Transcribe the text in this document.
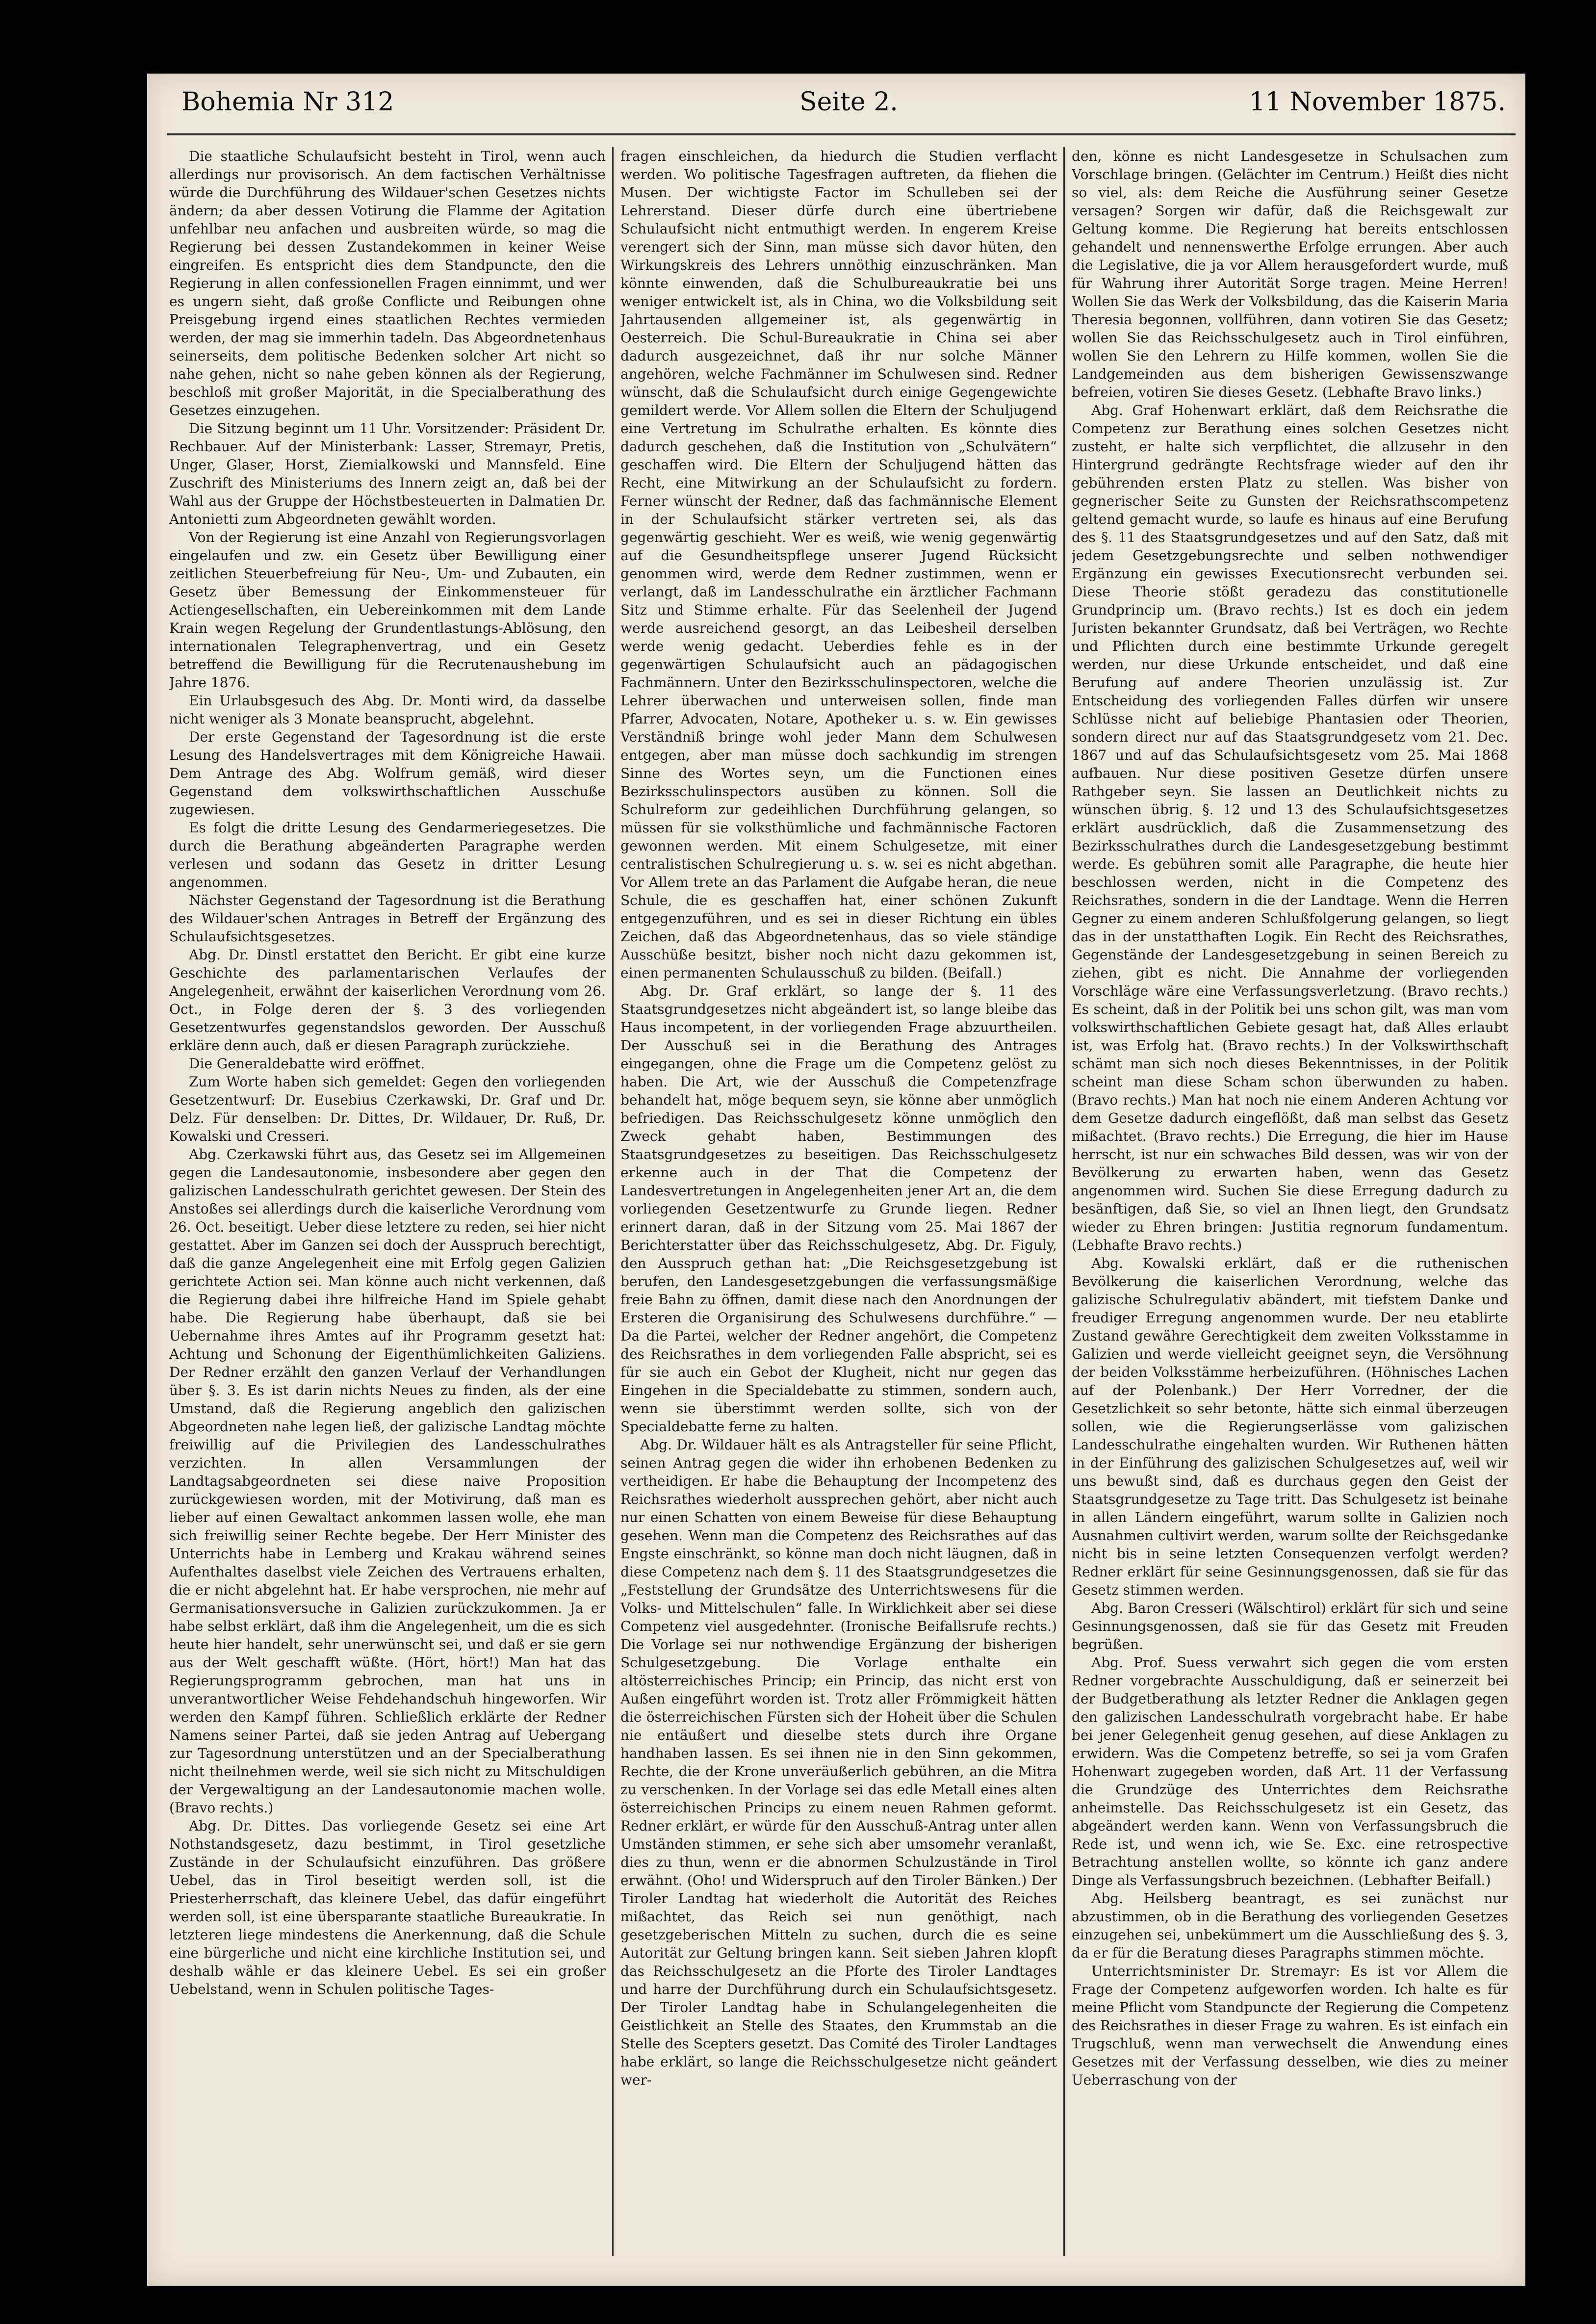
Bohemia Nr 312	Seite 2.	11 November 1875.

Die staatliche Schulaufsicht besteht in Tirol, wenn auch allerdings nur provisorisch. An dem factischen Verhältnisse würde die Durchführung des Wildauer'schen Gesetzes nichts ändern; da aber dessen Votirung die Flamme der Agitation unfehlbar neu anfachen und ausbreiten würde, so mag die Regierung bei dessen Zustandekommen in keiner Weise eingreifen. Es entspricht dies dem Standpuncte, den die Regierung in allen confessionellen Fragen einnimmt, und wer es ungern sieht, daß große Conflicte und Reibungen ohne Preisgebung irgend eines staatlichen Rechtes vermieden werden, der mag sie immerhin tadeln. Das Abgeordnetenhaus seinerseits, dem politische Bedenken solcher Art nicht so nahe gehen, nicht so nahe geben können als der Regierung, beschloß mit großer Majorität, in die Specialberathung des Gesetzes einzugehen.

Die Sitzung beginnt um 11 Uhr. Vorsitzender: Präsident Dr. Rechbauer. Auf der Ministerbank: Lasser, Stremayr, Pretis, Unger, Glaser, Horst, Ziemialkowski und Mannsfeld. Eine Zuschrift des Ministeriums des Innern zeigt an, daß bei der Wahl aus der Gruppe der Höchstbesteuerten in Dalmatien Dr. Antonietti zum Abgeordneten gewählt worden.

Von der Regierung ist eine Anzahl von Regierungsvorlagen eingelaufen und zw. ein Gesetz über Bewilligung einer zeitlichen Steuerbefreiung für Neu-, Um- und Zubauten, ein Gesetz über Bemessung der Einkommensteuer für Actiengesellschaften, ein Uebereinkommen mit dem Lande Krain wegen Regelung der Grundentlastungs-Ablösung, den internationalen Telegraphenvertrag, und ein Gesetz betreffend die Bewilligung für die Recrutenaushebung im Jahre 1876.

Ein Urlaubsgesuch des Abg. Dr. Monti wird, da dasselbe nicht weniger als 3 Monate beansprucht, abgelehnt.

Der erste Gegenstand der Tagesordnung ist die erste Lesung des Handelsvertrages mit dem Königreiche Hawaii. Dem Antrage des Abg. Wolfrum gemäß, wird dieser Gegenstand dem volkswirthschaftlichen Ausschuße zugewiesen.

Es folgt die dritte Lesung des Gendarmeriegesetzes. Die durch die Berathung abgeänderten Paragraphe werden verlesen und sodann das Gesetz in dritter Lesung angenommen.

Nächster Gegenstand der Tagesordnung ist die Berathung des Wildauer'schen Antrages in Betreff der Ergänzung des Schulaufsichtsgesetzes.

Abg. Dr. Dinstl erstattet den Bericht. Er gibt eine kurze Geschichte des parlamentarischen Verlaufes der Angelegenheit, erwähnt der kaiserlichen Verordnung vom 26. Oct., in Folge deren der §. 3 des vorliegenden Gesetzentwurfes gegenstandslos geworden. Der Ausschuß erkläre denn auch, daß er diesen Paragraph zurückziehe.

Die Generaldebatte wird eröffnet.

Zum Worte haben sich gemeldet: Gegen den vorliegenden Gesetzentwurf: Dr. Eusebius Czerkawski, Dr. Graf und Dr. Delz. Für denselben: Dr. Dittes, Dr. Wildauer, Dr. Ruß, Dr. Kowalski und Cresseri.

Abg. Czerkawski führt aus, das Gesetz sei im Allgemeinen gegen die Landesautonomie, insbesondere aber gegen den galizischen Landesschulrath gerichtet gewesen. Der Stein des Anstoßes sei allerdings durch die kaiserliche Verordnung vom 26. Oct. beseitigt. Ueber diese letztere zu reden, sei hier nicht gestattet. Aber im Ganzen sei doch der Ausspruch berechtigt, daß die ganze Angelegenheit eine mit Erfolg gegen Galizien gerichtete Action sei. Man könne auch nicht verkennen, daß die Regierung dabei ihre hilfreiche Hand im Spiele gehabt habe. Die Regierung habe überhaupt, daß sie bei Uebernahme ihres Amtes auf ihr Programm gesetzt hat: Achtung und Schonung der Eigenthümlichkeiten Galiziens. Der Redner erzählt den ganzen Verlauf der Verhandlungen über §. 3. Es ist darin nichts Neues zu finden, als der eine Umstand, daß die Regierung angeblich den galizischen Abgeordneten nahe legen ließ, der galizische Landtag möchte freiwillig auf die Privilegien des Landesschulrathes verzichten. In allen Versammlungen der Landtagsabgeordneten sei diese naive Proposition zurückgewiesen worden, mit der Motivirung, daß man es lieber auf einen Gewaltact ankommen lassen wolle, ehe man sich freiwillig seiner Rechte begebe. Der Herr Minister des Unterrichts habe in Lemberg und Krakau während seines Aufenthaltes daselbst viele Zeichen des Vertrauens erhalten, die er nicht abgelehnt hat. Er habe versprochen, nie mehr auf Germanisationsversuche in Galizien zurückzukommen. Ja er habe selbst erklärt, daß ihm die Angelegenheit, um die es sich heute hier handelt, sehr unerwünscht sei, und daß er sie gern aus der Welt geschafft wüßte. (Hört, hört!) Man hat das Regierungsprogramm gebrochen, man hat uns in unverantwortlicher Weise Fehdehandschuh hingeworfen. Wir werden den Kampf führen. Schließlich erklärte der Redner Namens seiner Partei, daß sie jeden Antrag auf Uebergang zur Tagesordnung unterstützen und an der Specialberathung nicht theilnehmen werde, weil sie sich nicht zu Mitschuldigen der Vergewaltigung an der Landesautonomie machen wolle. (Bravo rechts.)

Abg. Dr. Dittes. Das vorliegende Gesetz sei eine Art Nothstandsgesetz, dazu bestimmt, in Tirol gesetzliche Zustände in der Schulaufsicht einzuführen. Das größere Uebel, das in Tirol beseitigt werden soll, ist die Priesterherrschaft, das kleinere Uebel, das dafür eingeführt werden soll, ist eine übersparante staatliche Bureaukratie. In letzteren liege mindestens die Anerkennung, daß die Schule eine bürgerliche und nicht eine kirchliche Institution sei, und deshalb wähle er das kleinere Uebel. Es sei ein großer Uebelstand, wenn in Schulen politische Tages-

fragen einschleichen, da hiedurch die Studien verflacht werden. Wo politische Tagesfragen auftreten, da fliehen die Musen. Der wichtigste Factor im Schulleben sei der Lehrerstand. Dieser dürfe durch eine übertriebene Schulaufsicht nicht entmuthigt werden. In engerem Kreise verengert sich der Sinn, man müsse sich davor hüten, den Wirkungskreis des Lehrers unnöthig einzuschränken. Man könnte einwenden, daß die Schulbureaukratie bei uns weniger entwickelt ist, als in China, wo die Volksbildung seit Jahrtausenden allgemeiner ist, als gegenwärtig in Oesterreich. Die Schul-Bureaukratie in China sei aber dadurch ausgezeichnet, daß ihr nur solche Männer angehören, welche Fachmänner im Schulwesen sind. Redner wünscht, daß die Schulaufsicht durch einige Gegengewichte gemildert werde. Vor Allem sollen die Eltern der Schuljugend eine Vertretung im Schulrathe erhalten. Es könnte dies dadurch geschehen, daß die Institution von „Schulvätern“ geschaffen wird. Die Eltern der Schuljugend hätten das Recht, eine Mitwirkung an der Schulaufsicht zu fordern. Ferner wünscht der Redner, daß das fachmännische Element in der Schulaufsicht stärker vertreten sei, als das gegenwärtig geschieht. Wer es weiß, wie wenig gegenwärtig auf die Gesundheitspflege unserer Jugend Rücksicht genommen wird, werde dem Redner zustimmen, wenn er verlangt, daß im Landesschulrathe ein ärztlicher Fachmann Sitz und Stimme erhalte. Für das Seelenheil der Jugend werde ausreichend gesorgt, an das Leibesheil derselben werde wenig gedacht. Ueberdies fehle es in der gegenwärtigen Schulaufsicht auch an pädagogischen Fachmännern. Unter den Bezirksschulinspectoren, welche die Lehrer überwachen und unterweisen sollen, finde man Pfarrer, Advocaten, Notare, Apotheker u. s. w. Ein gewisses Verständniß bringe wohl jeder Mann dem Schulwesen entgegen, aber man müsse doch sachkundig im strengen Sinne des Wortes seyn, um die Functionen eines Bezirksschulinspectors ausüben zu können. Soll die Schulreform zur gedeihlichen Durchführung gelangen, so müssen für sie volksthümliche und fachmännische Factoren gewonnen werden. Mit einem Schulgesetze, mit einer centralistischen Schulregierung u. s. w. sei es nicht abgethan. Vor Allem trete an das Parlament die Aufgabe heran, die neue Schule, die es geschaffen hat, einer schönen Zukunft entgegenzuführen, und es sei in dieser Richtung ein übles Zeichen, daß das Abgeordnetenhaus, das so viele ständige Ausschüße besitzt, bisher noch nicht dazu gekommen ist, einen permanenten Schulausschuß zu bilden. (Beifall.)

Abg. Dr. Graf erklärt, so lange der §. 11 des Staatsgrundgesetzes nicht abgeändert ist, so lange bleibe das Haus incompetent, in der vorliegenden Frage abzuurtheilen. Der Ausschuß sei in die Berathung des Antrages eingegangen, ohne die Frage um die Competenz gelöst zu haben. Die Art, wie der Ausschuß die Competenzfrage behandelt hat, möge bequem seyn, sie könne aber unmöglich befriedigen. Das Reichsschulgesetz könne unmöglich den Zweck gehabt haben, Bestimmungen des Staatsgrundgesetzes zu beseitigen. Das Reichsschulgesetz erkenne auch in der That die Competenz der Landesvertretungen in Angelegenheiten jener Art an, die dem vorliegenden Gesetzentwurfe zu Grunde liegen. Redner erinnert daran, daß in der Sitzung vom 25. Mai 1867 der Berichterstatter über das Reichsschulgesetz, Abg. Dr. Figuly, den Ausspruch gethan hat: „Die Reichsgesetzgebung ist berufen, den Landesgesetzgebungen die verfassungsmäßige freie Bahn zu öffnen, damit diese nach den Anordnungen der Ersteren die Organisirung des Schulwesens durchführe.“ — Da die Partei, welcher der Redner angehört, die Competenz des Reichsrathes in dem vorliegenden Falle abspricht, sei es für sie auch ein Gebot der Klugheit, nicht nur gegen das Eingehen in die Specialdebatte zu stimmen, sondern auch, wenn sie überstimmt werden sollte, sich von der Specialdebatte ferne zu halten.

Abg. Dr. Wildauer hält es als Antragsteller für seine Pflicht, seinen Antrag gegen die wider ihn erhobenen Bedenken zu vertheidigen. Er habe die Behauptung der Incompetenz des Reichsrathes wiederholt aussprechen gehört, aber nicht auch nur einen Schatten von einem Beweise für diese Behauptung gesehen. Wenn man die Competenz des Reichsrathes auf das Engste einschränkt, so könne man doch nicht läugnen, daß in diese Competenz nach dem §. 11 des Staatsgrundgesetzes die „Feststellung der Grundsätze des Unterrichtswesens für die Volks- und Mittelschulen“ falle. In Wirklichkeit aber sei diese Competenz viel ausgedehnter. (Ironische Beifallsrufe rechts.) Die Vorlage sei nur nothwendige Ergänzung der bisherigen Schulgesetzgebung. Die Vorlage enthalte ein altösterreichisches Princip; ein Princip, das nicht erst von Außen eingeführt worden ist. Trotz aller Frömmigkeit hätten die österreichischen Fürsten sich der Hoheit über die Schulen nie entäußert und dieselbe stets durch ihre Organe handhaben lassen. Es sei ihnen nie in den Sinn gekommen, Rechte, die der Krone unveräußerlich gebühren, an die Mitra zu verschenken. In der Vorlage sei das edle Metall eines alten österreichischen Princips zu einem neuen Rahmen geformt. Redner erklärt, er würde für den Ausschuß-Antrag unter allen Umständen stimmen, er sehe sich aber umsomehr veranlaßt, dies zu thun, wenn er die abnormen Schulzustände in Tirol erwähnt. (Oho! und Widerspruch auf den Tiroler Bänken.) Der Tiroler Landtag hat wiederholt die Autorität des Reiches mißachtet, das Reich sei nun genöthigt, nach gesetzgeberischen Mitteln zu suchen, durch die es seine Autorität zur Geltung bringen kann. Seit sieben Jahren klopft das Reichsschulgesetz an die Pforte des Tiroler Landtages und harre der Durchführung durch ein Schulaufsichtsgesetz. Der Tiroler Landtag habe in Schulangelegenheiten die Geistlichkeit an Stelle des Staates, den Krummstab an die Stelle des Scepters gesetzt. Das Comité des Tiroler Landtages habe erklärt, so lange die Reichsschulgesetze nicht geändert wer-

den, könne es nicht Landesgesetze in Schulsachen zum Vorschlage bringen. (Gelächter im Centrum.) Heißt dies nicht so viel, als: dem Reiche die Ausführung seiner Gesetze versagen? Sorgen wir dafür, daß die Reichsgewalt zur Geltung komme. Die Regierung hat bereits entschlossen gehandelt und nennenswerthe Erfolge errungen. Aber auch die Legislative, die ja vor Allem herausgefordert wurde, muß für Wahrung ihrer Autorität Sorge tragen. Meine Herren! Wollen Sie das Werk der Volksbildung, das die Kaiserin Maria Theresia begonnen, vollführen, dann votiren Sie das Gesetz; wollen Sie das Reichsschulgesetz auch in Tirol einführen, wollen Sie den Lehrern zu Hilfe kommen, wollen Sie die Landgemeinden aus dem bisherigen Gewissenszwange befreien, votiren Sie dieses Gesetz. (Lebhafte Bravo links.)

Abg. Graf Hohenwart erklärt, daß dem Reichsrathe die Competenz zur Berathung eines solchen Gesetzes nicht zusteht, er halte sich verpflichtet, die allzusehr in den Hintergrund gedrängte Rechtsfrage wieder auf den ihr gebührenden ersten Platz zu stellen. Was bisher von gegnerischer Seite zu Gunsten der Reichsrathscompetenz geltend gemacht wurde, so laufe es hinaus auf eine Berufung des §. 11 des Staatsgrundgesetzes und auf den Satz, daß mit jedem Gesetzgebungsrechte und selben nothwendiger Ergänzung ein gewisses Executionsrecht verbunden sei. Diese Theorie stößt geradezu das constitutionelle Grundprincip um. (Bravo rechts.) Ist es doch ein jedem Juristen bekannter Grundsatz, daß bei Verträgen, wo Rechte und Pflichten durch eine bestimmte Urkunde geregelt werden, nur diese Urkunde entscheidet, und daß eine Berufung auf andere Theorien unzulässig ist. Zur Entscheidung des vorliegenden Falles dürfen wir unsere Schlüsse nicht auf beliebige Phantasien oder Theorien, sondern direct nur auf das Staatsgrundgesetz vom 21. Dec. 1867 und auf das Schulaufsichtsgesetz vom 25. Mai 1868 aufbauen. Nur diese positiven Gesetze dürfen unsere Rathgeber seyn. Sie lassen an Deutlichkeit nichts zu wünschen übrig. §. 12 und 13 des Schulaufsichtsgesetzes erklärt ausdrücklich, daß die Zusammensetzung des Bezirksschulrathes durch die Landesgesetzgebung bestimmt werde. Es gebühren somit alle Paragraphe, die heute hier beschlossen werden, nicht in die Competenz des Reichsrathes, sondern in die der Landtage. Wenn die Herren Gegner zu einem anderen Schlußfolgerung gelangen, so liegt das in der unstatthaften Logik. Ein Recht des Reichsrathes, Gegenstände der Landesgesetzgebung in seinen Bereich zu ziehen, gibt es nicht. Die Annahme der vorliegenden Vorschläge wäre eine Verfassungsverletzung. (Bravo rechts.) Es scheint, daß in der Politik bei uns schon gilt, was man vom volkswirthschaftlichen Gebiete gesagt hat, daß Alles erlaubt ist, was Erfolg hat. (Bravo rechts.) In der Volkswirthschaft schämt man sich noch dieses Bekenntnisses, in der Politik scheint man diese Scham schon überwunden zu haben. (Bravo rechts.) Man hat noch nie einem Anderen Achtung vor dem Gesetze dadurch eingeflößt, daß man selbst das Gesetz mißachtet. (Bravo rechts.) Die Erregung, die hier im Hause herrscht, ist nur ein schwaches Bild dessen, was wir von der Bevölkerung zu erwarten haben, wenn das Gesetz angenommen wird. Suchen Sie diese Erregung dadurch zu besänftigen, daß Sie, so viel an Ihnen liegt, den Grundsatz wieder zu Ehren bringen: Justitia regnorum fundamentum. (Lebhafte Bravo rechts.)

Abg. Kowalski erklärt, daß er die ruthenischen Bevölkerung die kaiserlichen Verordnung, welche das galizische Schulregulativ abändert, mit tiefstem Danke und freudiger Erregung angenommen wurde. Der neu etablirte Zustand gewähre Gerechtigkeit dem zweiten Volksstamme in Galizien und werde vielleicht geeignet seyn, die Versöhnung der beiden Volksstämme herbeizuführen. (Höhnisches Lachen auf der Polenbank.) Der Herr Vorredner, der die Gesetzlichkeit so sehr betonte, hätte sich einmal überzeugen sollen, wie die Regierungserlässe vom galizischen Landesschulrathe eingehalten wurden. Wir Ruthenen hätten in der Einführung des galizischen Schulgesetzes auf, weil wir uns bewußt sind, daß es durchaus gegen den Geist der Staatsgrundgesetze zu Tage tritt. Das Schulgesetz ist beinahe in allen Ländern eingeführt, warum sollte in Galizien noch Ausnahmen cultivirt werden, warum sollte der Reichsgedanke nicht bis in seine letzten Consequenzen verfolgt werden? Redner erklärt für seine Gesinnungsgenossen, daß sie für das Gesetz stimmen werden.

Abg. Baron Cresseri (Wälschtirol) erklärt für sich und seine Gesinnungsgenossen, daß sie für das Gesetz mit Freuden begrüßen.

Abg. Prof. Suess verwahrt sich gegen die vom ersten Redner vorgebrachte Ausschuldigung, daß er seinerzeit bei der Budgetberathung als letzter Redner die Anklagen gegen den galizischen Landesschulrath vorgebracht habe. Er habe bei jener Gelegenheit genug gesehen, auf diese Anklagen zu erwidern. Was die Competenz betreffe, so sei ja vom Grafen Hohenwart zugegeben worden, daß Art. 11 der Verfassung die Grundzüge des Unterrichtes dem Reichsrathe anheimstelle. Das Reichsschulgesetz ist ein Gesetz, das abgeändert werden kann. Wenn von Verfassungsbruch die Rede ist, und wenn ich, wie Se. Exc. eine retrospective Betrachtung anstellen wollte, so könnte ich ganz andere Dinge als Verfassungsbruch bezeichnen. (Lebhafter Beifall.)

Abg. Heilsberg beantragt, es sei zunächst nur abzustimmen, ob in die Berathung des vorliegenden Gesetzes einzugehen sei, unbekümmert um die Ausschließung des §. 3, da er für die Beratung dieses Paragraphs stimmen möchte.

Unterrichtsminister Dr. Stremayr: Es ist vor Allem die Frage der Competenz aufgeworfen worden. Ich halte es für meine Pflicht vom Standpuncte der Regierung die Competenz des Reichsrathes in dieser Frage zu wahren. Es ist einfach ein Trugschluß, wenn man verwechselt die Anwendung eines Gesetzes mit der Verfassung desselben, wie dies zu meiner Ueberraschung von der
